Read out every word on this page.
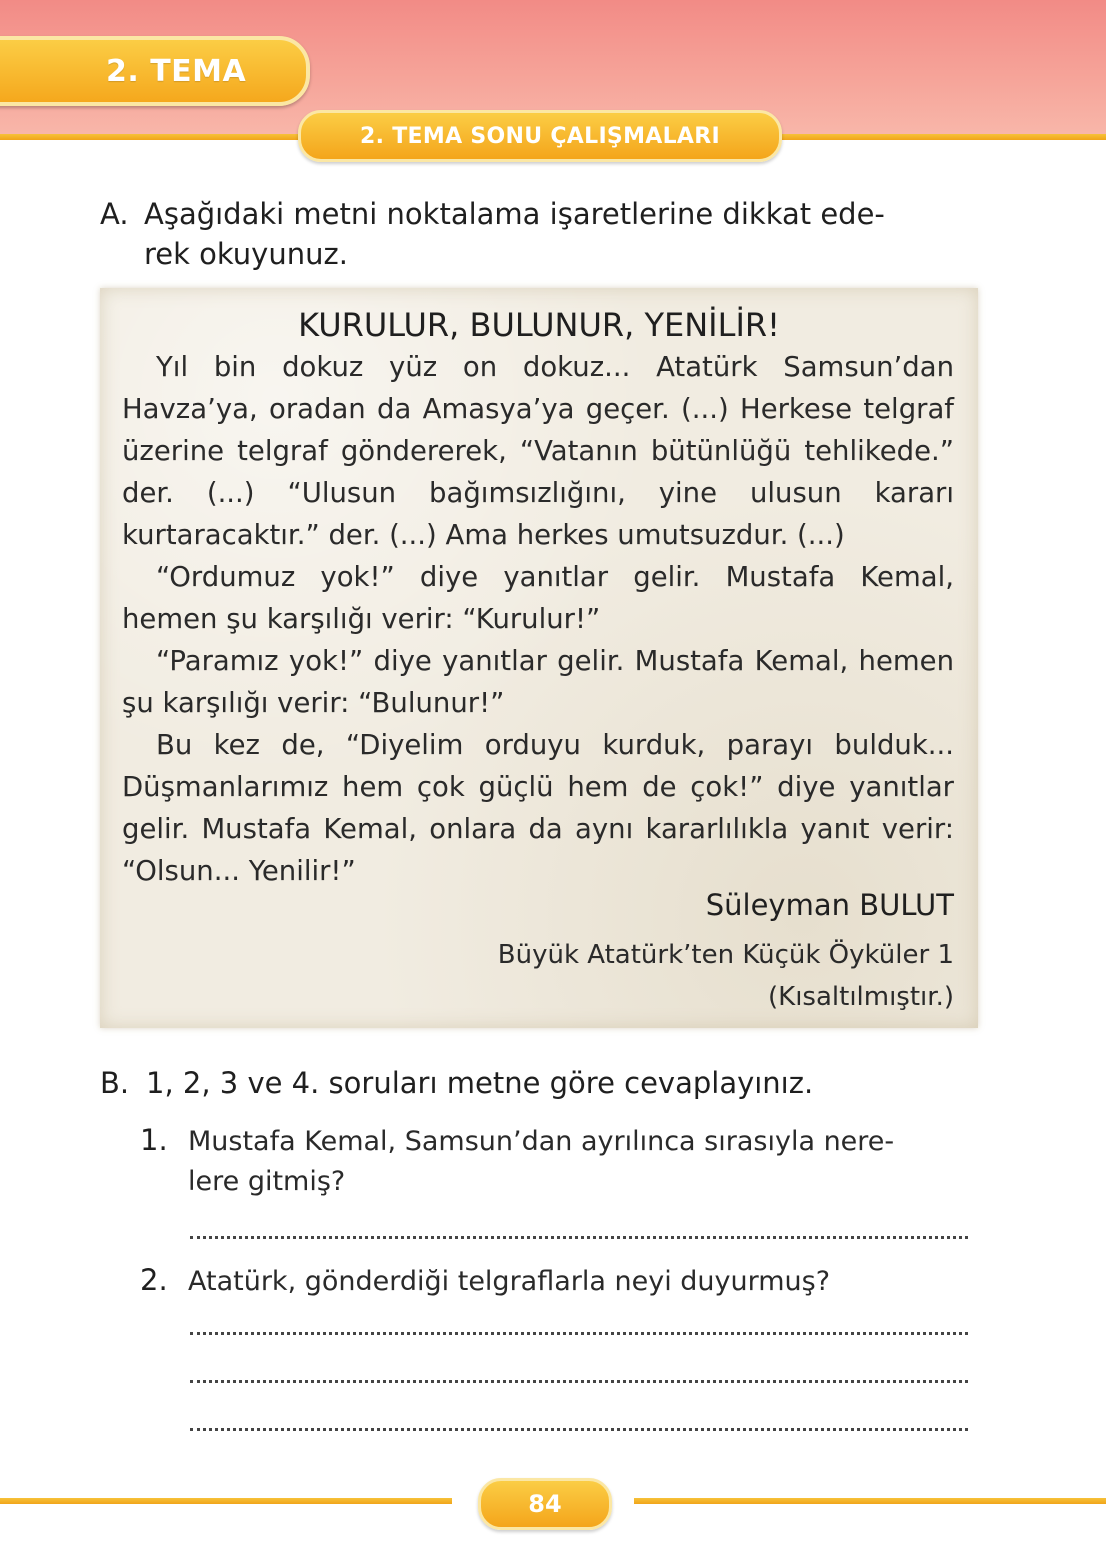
2. TEMA
2. TEMA SONU ÇALIŞMALARI
A. Aşağıdaki metni noktalama işaretlerine dikkat ede-
rek okuyunuz.
KURULUR, BULUNUR, YENİLİR!

Yıl bin dokuz yüz on dokuz... Atatürk Samsun’dan Havza’ya, oradan da Amasya’ya geçer. (...) Herkese telgraf üzerine telgraf göndererek, “Vatanın bütünlüğü tehlikede.” der. (...) “Ulusun bağımsızlığını, yine ulusun kararı kurtaracaktır.” der. (...) Ama herkes umutsuzdur. (...)

“Ordumuz yok!” diye yanıtlar gelir. Mustafa Kemal, hemen şu karşılığı verir: “Kurulur!”

“Paramız yok!” diye yanıtlar gelir. Mustafa Kemal, hemen şu karşılığı verir: “Bulunur!”

Bu kez de, “Diyelim orduyu kurduk, parayı bulduk... Düşmanlarımız hem çok güçlü hem de çok!” diye yanıtlar gelir. Mustafa Kemal, onlara da aynı kararlılıkla yanıt verir: “Olsun... Yenilir!”

Süleyman BULUT
Büyük Atatürk’ten Küçük Öyküler 1
(Kısaltılmıştır.)
B. 1, 2, 3 ve 4. soruları metne göre cevaplayınız.
1. Mustafa Kemal, Samsun’dan ayrılınca sırasıyla nere-
lere gitmiş?
2. Atatürk, gönderdiği telgraflarla neyi duyurmuş?
84
